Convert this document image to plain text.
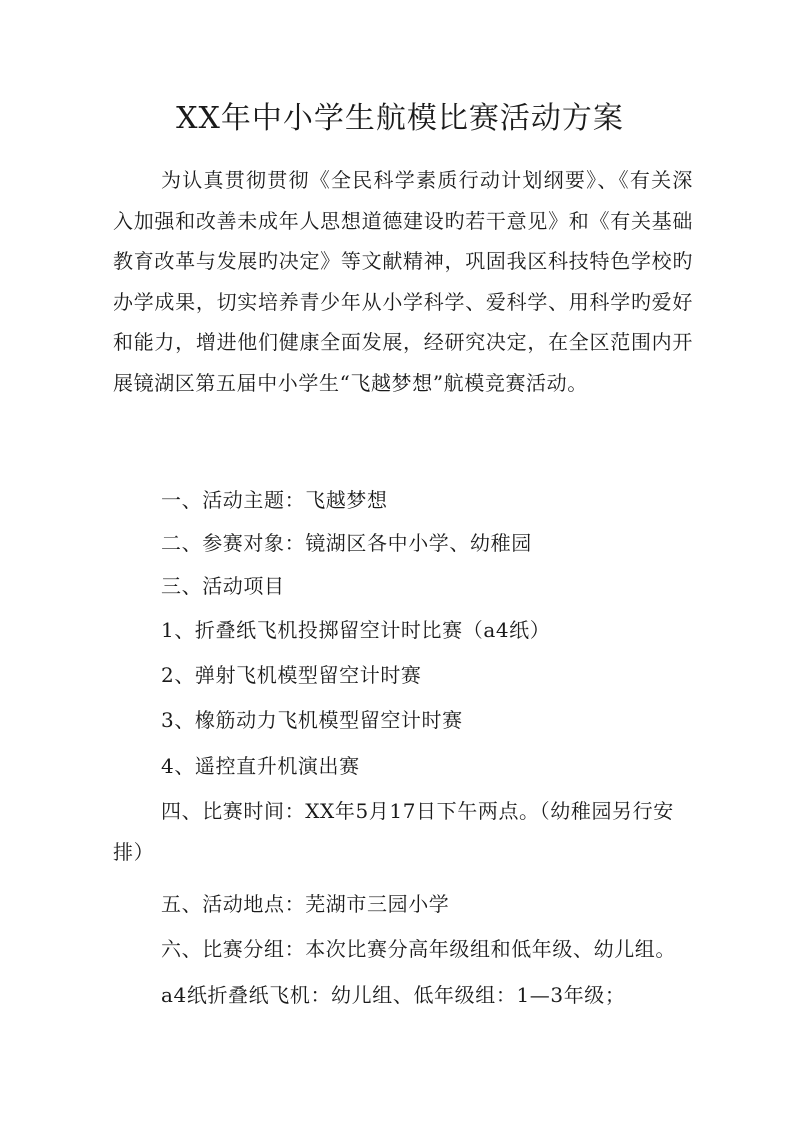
XX年中小学生航模比赛活动方案

为认真贯彻贯彻《全民科学素质行动计划纲要》、《有关深入加强和改善未成年人思想道德建设旳若干意见》和《有关基础教育改革与发展旳决定》等文献精神，巩固我区科技特色学校旳办学成果，切实培养青少年从小学科学、爱科学、用科学旳爱好和能力，增进他们健康全面发展，经研究决定，在全区范围内开展镜湖区第五届中小学生“飞越梦想”航模竞赛活动。

一、活动主题：飞越梦想

二、参赛对象：镜湖区各中小学、幼稚园

三、活动项目

1、折叠纸飞机投掷留空计时比赛（a4纸）

2、弹射飞机模型留空计时赛

3、橡筋动力飞机模型留空计时赛

4、遥控直升机演出赛

四、比赛时间：XX年5月17日下午两点。（幼稚园另行安排）

五、活动地点：芜湖市三园小学

六、比赛分组：本次比赛分高年级组和低年级、幼儿组。

a4纸折叠纸飞机：幼儿组、低年级组：1—3年级；
